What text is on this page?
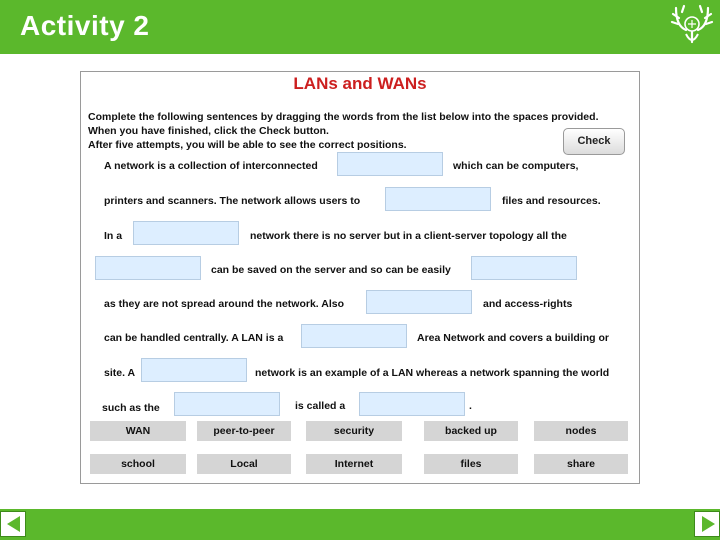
Activity 2
LANs and WANs
Complete the following sentences by dragging the words from the list below into the spaces provided.
When you have finished, click the Check button.
After five attempts, you will be able to see the correct positions.	Check
A network is a collection of interconnected	which can be computers,
printers and scanners. The network allows users to	files and resources.
In a	network there is no server but in a client-server topology all the
can be saved on the server and so can be easily
as they are not spread around the network. Also	and access-rights
can be handled centrally. A LAN is a	Area Network and covers a building or
site. A	network is an example of a LAN whereas a network spanning the world
such as the	is called a	.
WAN	peer-to-peer	security	backed up	nodes
school	Local	Internet	files	share
